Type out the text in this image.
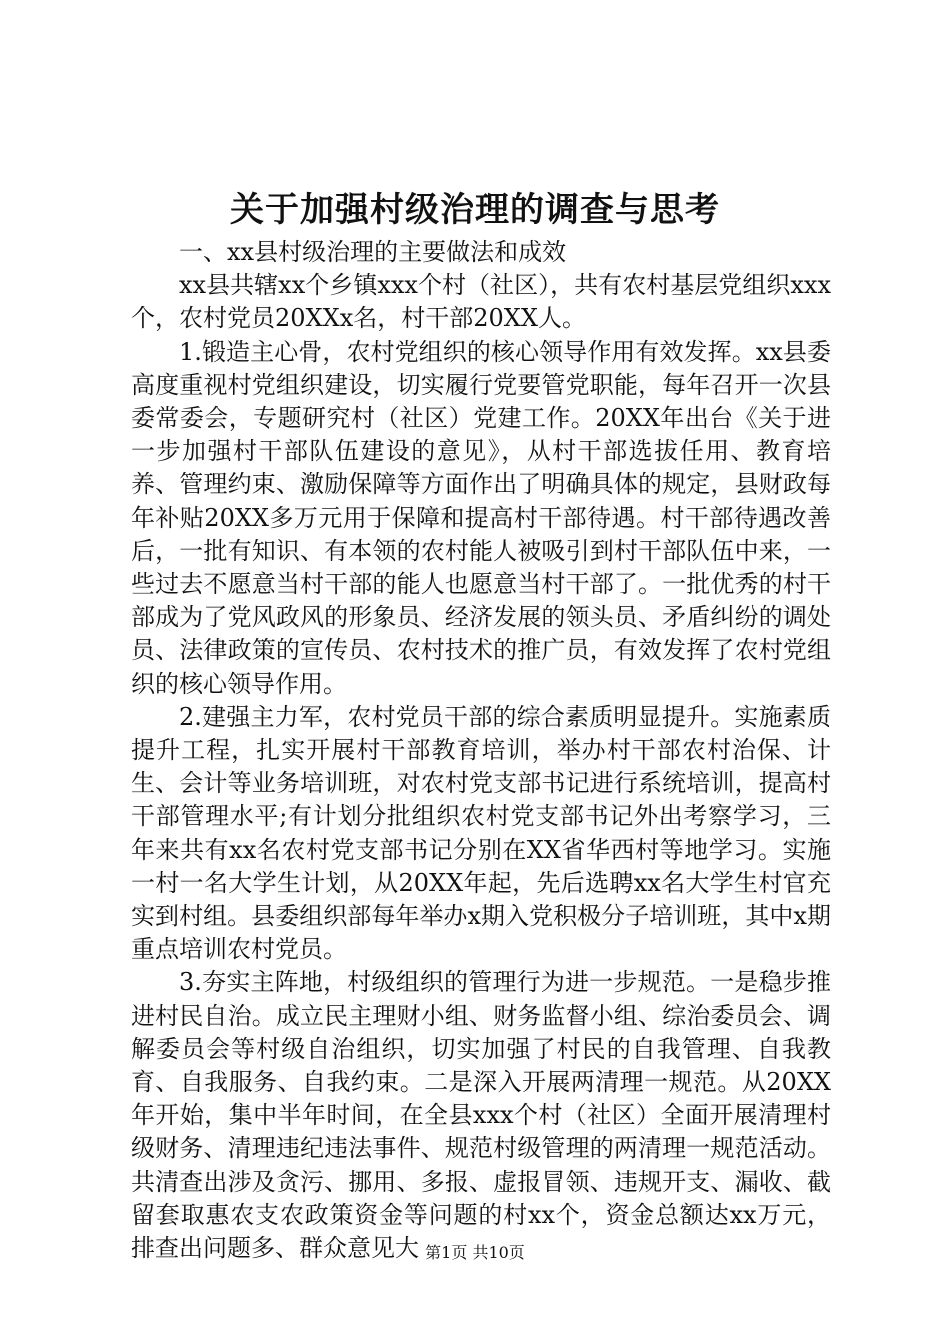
关于加强村级治理的调查与思考

一、xx县村级治理的主要做法和成效

xx县共辖xx个乡镇xxx个村（社区），共有农村基层党组织xxx个，农村党员20XXx名，村干部20XX人。

1.锻造主心骨，农村党组织的核心领导作用有效发挥。xx县委高度重视村党组织建设，切实履行党要管党职能，每年召开一次县委常委会，专题研究村（社区）党建工作。20XX年出台《关于进一步加强村干部队伍建设的意见》，从村干部选拔任用、教育培养、管理约束、激励保障等方面作出了明确具体的规定，县财政每年补贴20XX多万元用于保障和提高村干部待遇。村干部待遇改善后，一批有知识、有本领的农村能人被吸引到村干部队伍中来，一些过去不愿意当村干部的能人也愿意当村干部了。一批优秀的村干部成为了党风政风的形象员、经济发展的领头员、矛盾纠纷的调处员、法律政策的宣传员、农村技术的推广员，有效发挥了农村党组织的核心领导作用。

2.建强主力军，农村党员干部的综合素质明显提升。实施素质提升工程，扎实开展村干部教育培训，举办村干部农村治保、计生、会计等业务培训班，对农村党支部书记进行系统培训，提高村干部管理水平;有计划分批组织农村党支部书记外出考察学习，三年来共有xx名农村党支部书记分别在XX省华西村等地学习。实施一村一名大学生计划，从20XX年起，先后选聘xx名大学生村官充实到村组。县委组织部每年举办x期入党积极分子培训班，其中x期重点培训农村党员。

3.夯实主阵地，村级组织的管理行为进一步规范。一是稳步推进村民自治。成立民主理财小组、财务监督小组、综治委员会、调解委员会等村级自治组织，切实加强了村民的自我管理、自我教育、自我服务、自我约束。二是深入开展两清理一规范。从20XX年开始，集中半年时间，在全县xxx个村（社区）全面开展清理村级财务、清理违纪违法事件、规范村级管理的两清理一规范活动。共清查出涉及贪污、挪用、多报、虚报冒领、违规开支、漏收、截留套取惠农支农政策资金等问题的村xx个，资金总额达xx万元，排查出问题多、群众意见大 第1页 共10页
